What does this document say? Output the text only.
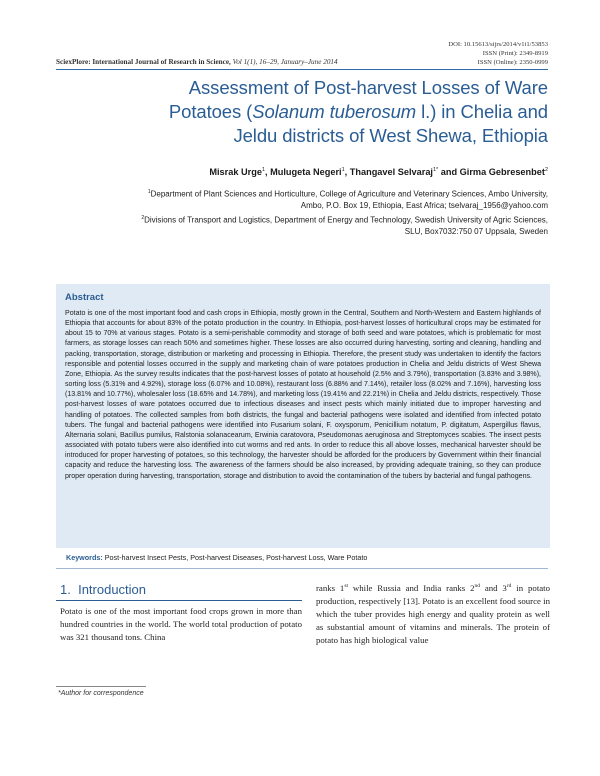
DOI: 10.15613/sijrs/2014/v1i1/53853
ISSN (Print): 2349-8919
ISSN (Online): 2350-0999
SciexPlore: International Journal of Research in Science, Vol 1(1), 16–29, January–June 2014
Assessment of Post-harvest Losses of Ware
Potatoes (Solanum tuberosum l.) in Chelia and
Jeldu districts of West Shewa, Ethiopia
Misrak Urge$^1$, Mulugeta Negeri$^1$, Thangavel Selvaraj$^{1*}$ and Girma Gebresenbet$^2$
$^1$Department of Plant Sciences and Horticulture, College of Agriculture and Veterinary Sciences, Ambo University,
Ambo, P.O. Box 19, Ethiopia, East Africa; tselvaraj_1956@yahoo.com
$^2$Divisions of Transport and Logistics, Department of Energy and Technology, Swedish University of Agric Sciences,
SLU, Box7032:750 07 Uppsala, Sweden
Abstract
Potato is one of the most important food and cash crops in Ethiopia, mostly grown in the Central, Southern and North-Western and Eastern highlands of Ethiopia that accounts for about 83% of the potato production in the country. In Ethiopia, post-harvest losses of horticultural crops may be estimated for about 15 to 70% at various stages. Potato is a semi-perishable commodity and storage of both seed and ware potatoes, which is problematic for most farmers, as storage losses can reach 50% and sometimes higher. These losses are also occurred during harvesting, sorting and cleaning, handling and packing, transportation, storage, distribution or marketing and processing in Ethiopia. Therefore, the present study was undertaken to identify the factors responsible and potential losses occurred in the supply and marketing chain of ware potatoes production in Chelia and Jeldu districts of West Shewa Zone, Ethiopia. As the survey results indicates that the post-harvest losses of potato at household (2.5% and 3.79%), transportation (3.83% and 3.98%), sorting loss (5.31% and 4.92%), storage loss (6.07% and 10.08%), restaurant loss (6.88% and 7.14%), retailer loss (8.02% and 7.16%), harvesting loss (13.81% and 10.77%), wholesaler loss (18.65% and 14.78%), and marketing loss (19.41% and 22.21%) in Chelia and Jeldu districts, respectively. Those post-harvest losses of ware potatoes occurred due to infectious diseases and insect pests which mainly initiated due to improper harvesting and handling of potatoes. The collected samples from both districts, the fungal and bacterial pathogens were isolated and identified from infected potato tubers. The fungal and bacterial pathogens were identified into Fusarium solani, F. oxysporum, Penicillium notatum, P. digitatum, Aspergillus flavus, Alternaria solani, Bacillus pumilus, Ralstonia solanacearum, Erwinia caratovora, Pseudomonas aeruginosa and Streptomyces scabies. The insect pests associated with potato tubers were also identified into cut worms and red ants. In order to reduce this all above losses, mechanical harvester should be introduced for proper harvesting of potatoes, so this technology, the harvester should be afforded for the producers by Government within their financial capacity and reduce the harvesting loss. The awareness of the farmers should be also increased, by providing adequate training, so they can produce proper operation during harvesting, transportation, storage and distribution to avoid the contamination of the tubers by bacterial and fungal pathogens.
Keywords: Post-harvest Insect Pests, Post-harvest Diseases, Post-harvest Loss, Ware Potato
1. Introduction
Potato is one of the most important food crops grown in more than hundred countries in the world. The world total production of potato was 321 thousand tons. China
ranks 1st while Russia and India ranks 2nd and 3rd in potato production, respectively [13]. Potato is an excellent food source in which the tuber provides high energy and quality protein as well as substantial amount of vitamins and minerals. The protein of potato has high biological value
*Author for correspondence
